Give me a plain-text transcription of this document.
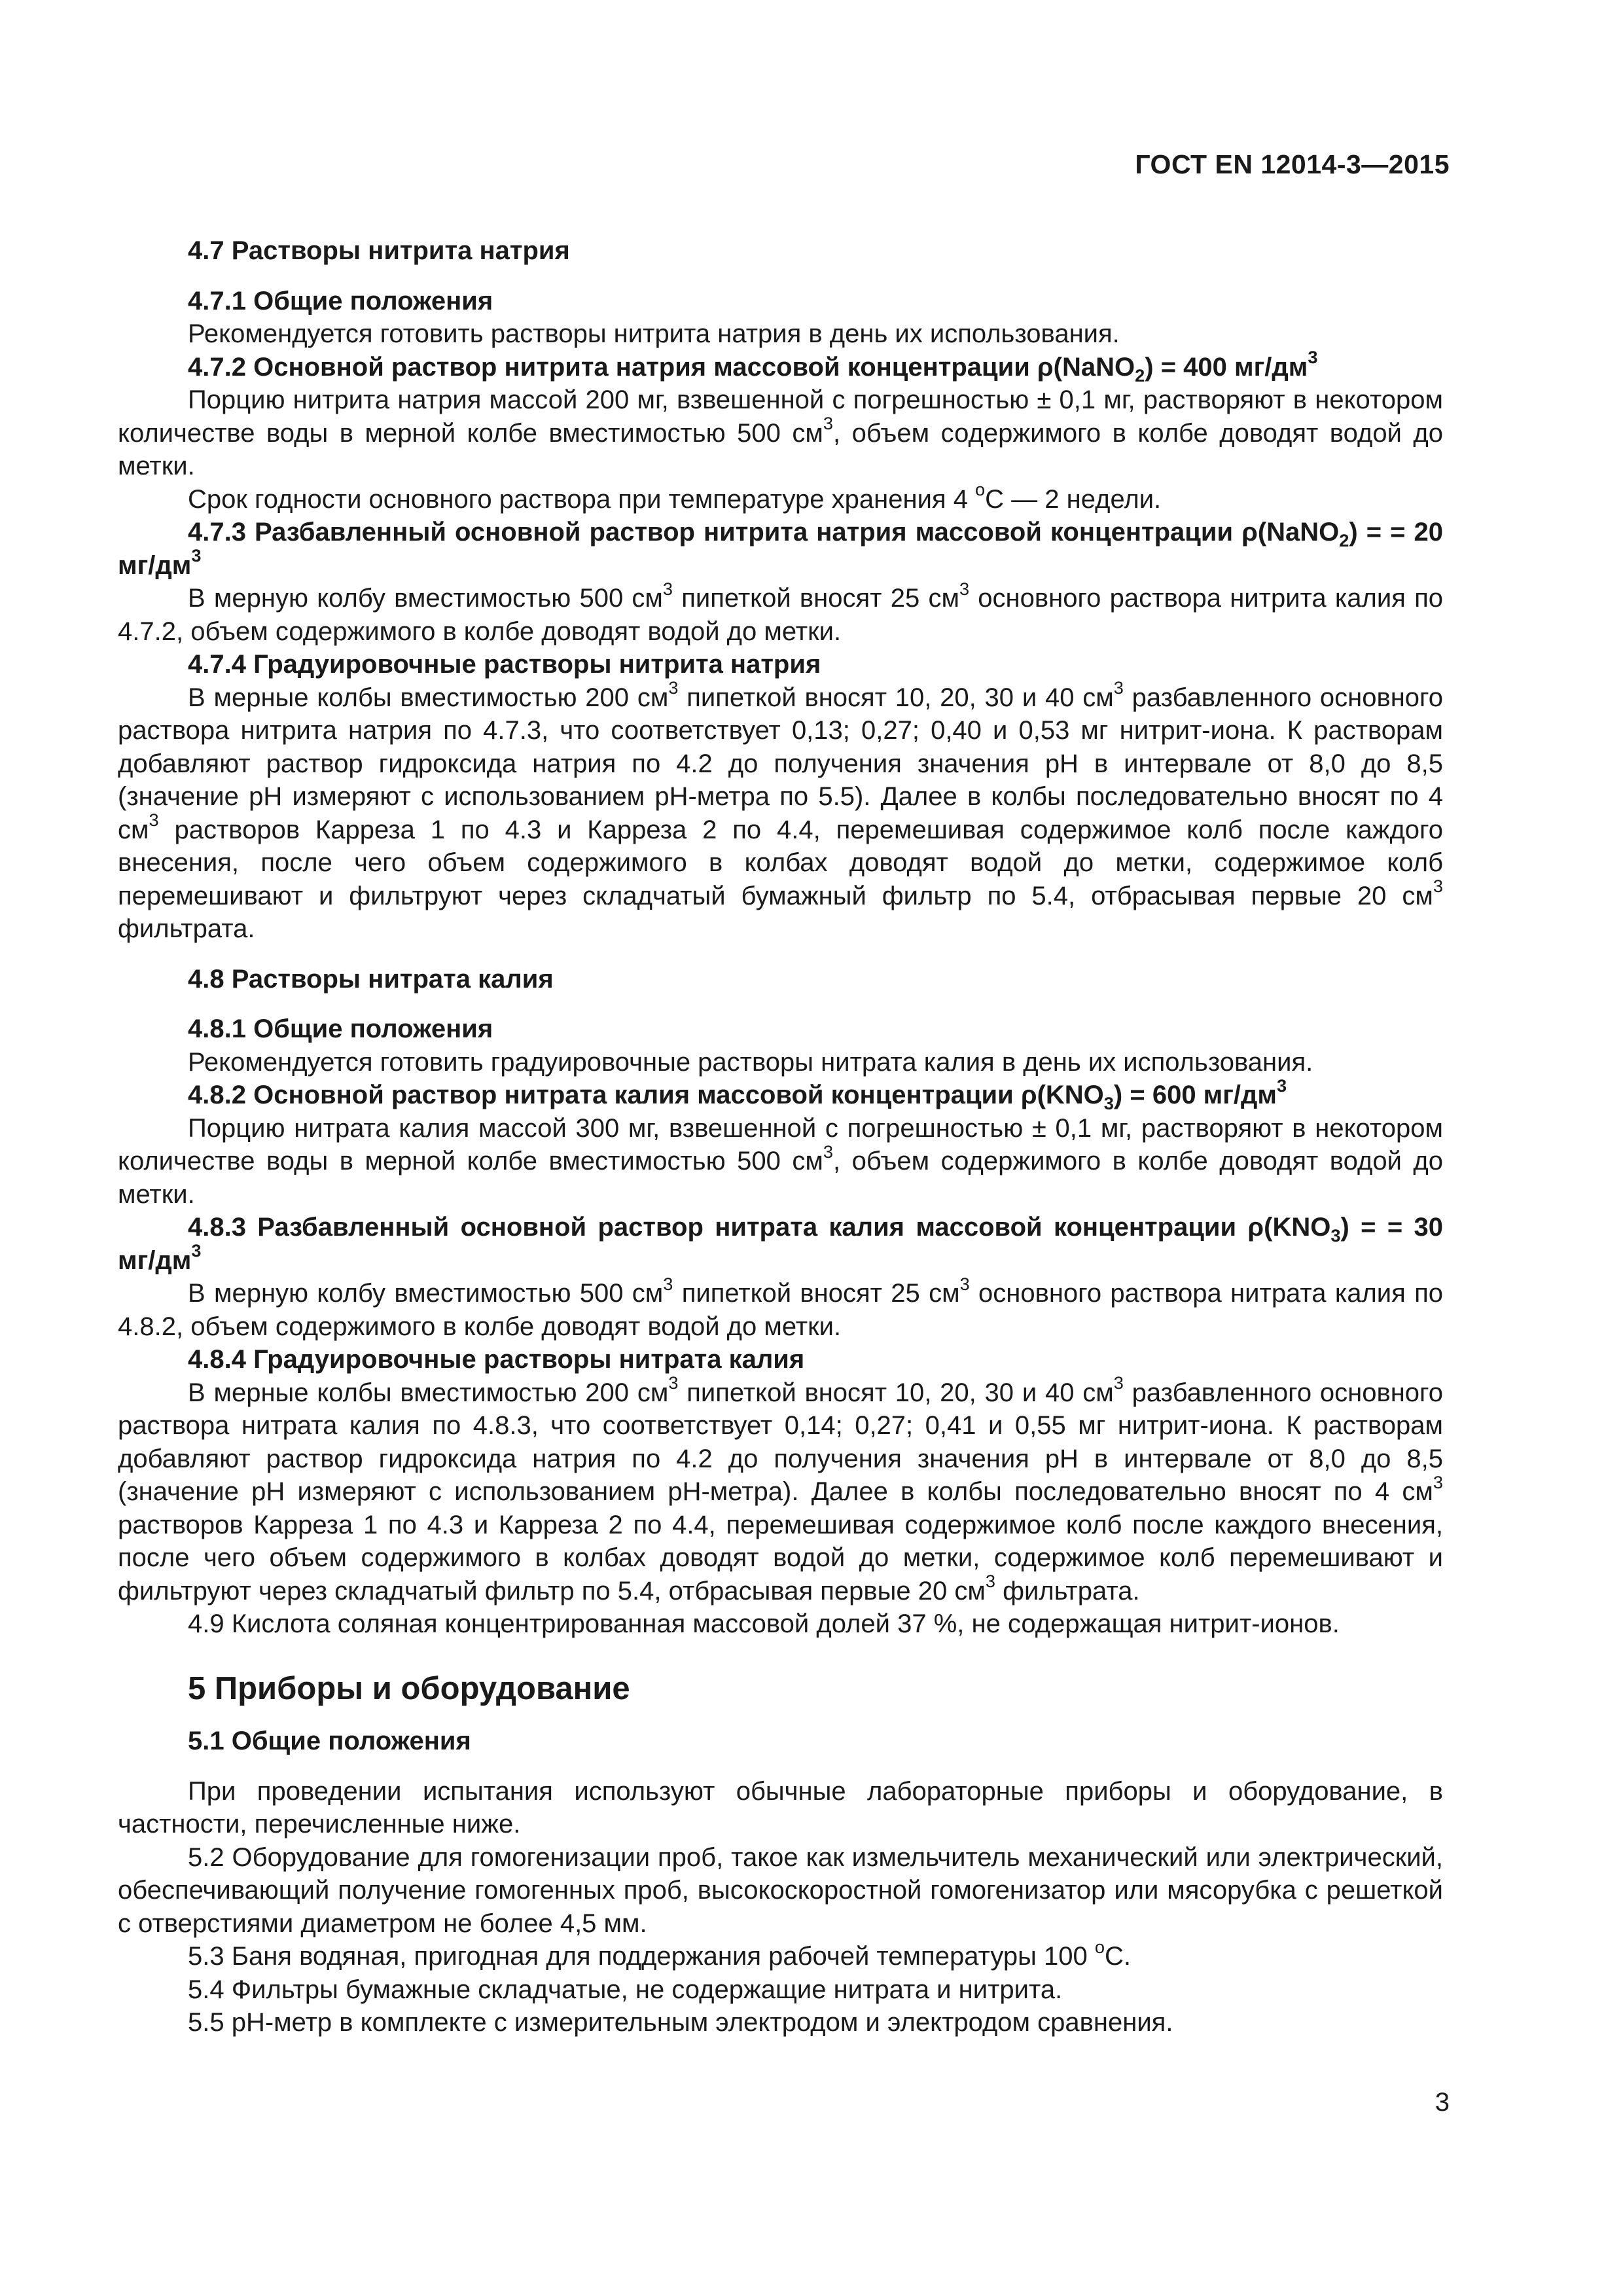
ГОСТ EN 12014-3—2015

4.7 Растворы нитрита натрия

4.7.1 Общие положения

Рекомендуется готовить растворы нитрита натрия в день их использования.

4.7.2 Основной раствор нитрита натрия массовой концентрации ρ(NaNO$_2$) = 400 $мг/дм^3$

Порцию нитрита натрия массой 200 мг, взвешенной с погрешностью ± 0,1 мг, растворяют в некотором количестве воды в мерной колбе вместимостью 500 $см^3$, объем содержимого в колбе доводят водой до метки.

Срок годности основного раствора при температуре хранения 4 $^о$С — 2 недели.

4.7.3 Разбавленный основной раствор нитрита натрия массовой концентрации ρ(NaNO$_2$) = = 20 $мг/дм^3$

В мерную колбу вместимостью 500 $см^3$ пипеткой вносят 25 $см^3$ основного раствора нитрита калия по 4.7.2, объем содержимого в колбе доводят водой до метки.

4.7.4 Градуировочные растворы нитрита натрия

В мерные колбы вместимостью 200 $см^3$ пипеткой вносят 10, 20, 30 и 40 $см^3$ разбавленного основного раствора нитрита натрия по 4.7.3, что соответствует 0,13; 0,27; 0,40 и 0,53 мг нитрит-иона. К растворам добавляют раствор гидроксида натрия по 4.2 до получения значения pH в интервале от 8,0 до 8,5 (значение pH измеряют с использованием pH-метра по 5.5). Далее в колбы последовательно вносят по 4 $см^3$ растворов Карреза 1 по 4.3 и Карреза 2 по 4.4, перемешивая содержимое колб после каждого внесения, после чего объем содержимого в колбах доводят водой до метки, содержимое колб перемешивают и фильтруют через складчатый бумажный фильтр по 5.4, отбрасывая первые 20 $см^3$ фильтрата.

4.8 Растворы нитрата калия

4.8.1 Общие положения

Рекомендуется готовить градуировочные растворы нитрата калия в день их использования.

4.8.2 Основной раствор нитрата калия массовой концентрации $\rho(KNO_3) = 600$ $мг/дм^3$

Порцию нитрата калия массой 300 мг, взвешенной с погрешностью ± 0,1 мг, растворяют в некотором количестве воды в мерной колбе вместимостью 500 $см^3$, объем содержимого в колбе доводят водой до метки.

4.8.3 Разбавленный основной раствор нитрата калия массовой концентрации $\rho(KNO_3)$ = = 30 $мг/дм^3$

В мерную колбу вместимостью 500 $см^3$ пипеткой вносят 25 $см^3$ основного раствора нитрата калия по 4.8.2, объем содержимого в колбе доводят водой до метки.

4.8.4 Градуировочные растворы нитрата калия

В мерные колбы вместимостью 200 $см^3$ пипеткой вносят 10, 20, 30 и 40 $см^3$ разбавленного основного раствора нитрата калия по 4.8.3, что соответствует 0,14; 0,27; 0,41 и 0,55 мг нитрит-иона. К растворам добавляют раствор гидроксида натрия по 4.2 до получения значения pH в интервале от 8,0 до 8,5 (значение pH измеряют с использованием pH-метра). Далее в колбы последовательно вносят по 4 $см^3$ растворов Карреза 1 по 4.3 и Карреза 2 по 4.4, перемешивая содержимое колб после каждого внесения, после чего объем содержимого в колбах доводят водой до метки, содержимое колб перемешивают и фильтруют через складчатый фильтр по 5.4, отбрасывая первые 20 $см^3$ фильтрата.

4.9 Кислота соляная концентрированная массовой долей 37 %, не содержащая нитрит-ионов.

5 Приборы и оборудование

5.1 Общие положения

При проведении испытания используют обычные лабораторные приборы и оборудование, в частности, перечисленные ниже.

5.2 Оборудование для гомогенизации проб, такое как измельчитель механический или электрический, обеспечивающий получение гомогенных проб, высокоскоростной гомогенизатор или мясорубка с решеткой с отверстиями диаметром не более 4,5 мм.

5.3 Баня водяная, пригодная для поддержания рабочей температуры 100 $^о$С.

5.4 Фильтры бумажные складчатые, не содержащие нитрата и нитрита.

5.5 pH-метр в комплекте с измерительным электродом и электродом сравнения.

3
